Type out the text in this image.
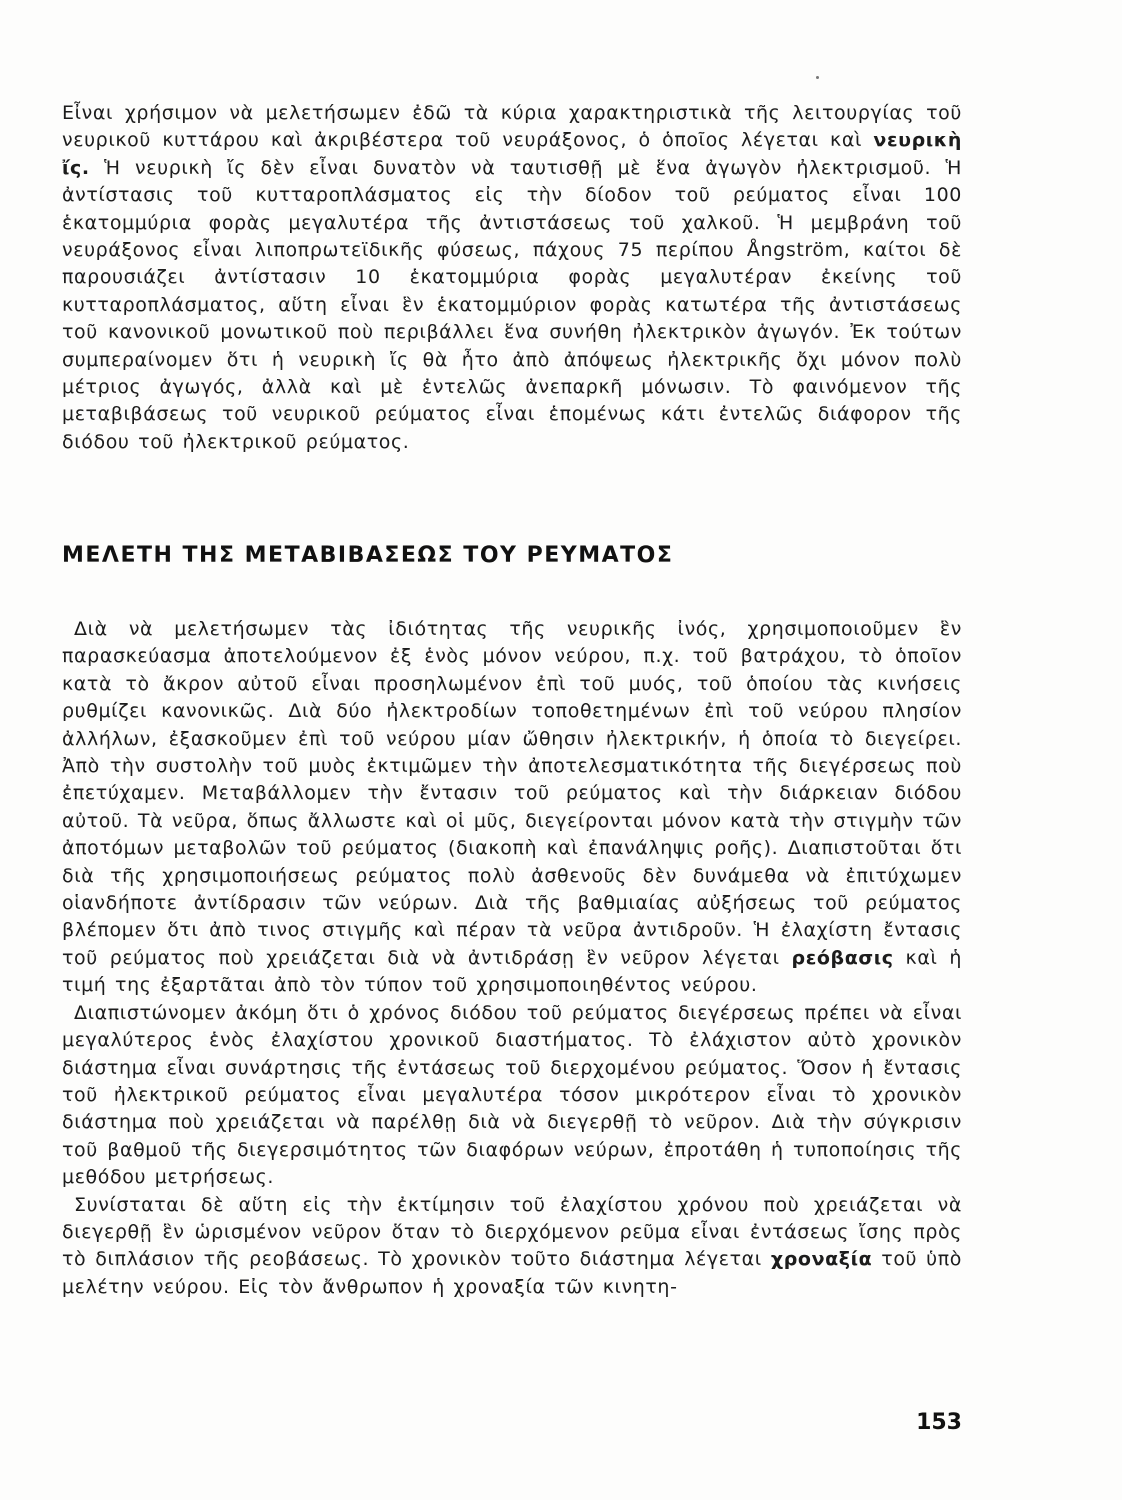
Εἶναι χρήσιμον νὰ μελετήσωμεν ἐδῶ τὰ κύρια χαρακτηριστικὰ τῆς λειτουργίας τοῦ νευρικοῦ κυττάρου καὶ ἀκριβέστερα τοῦ νευράξονος, ὁ ὁποῖος λέγεται καὶ νευρικὴ ἴς. Ἡ νευρικὴ ἴς δὲν εἶναι δυνατὸν νὰ ταυτισθῇ μὲ ἕνα ἀγωγὸν ἠλεκτρισμοῦ. Ἡ ἀντίστασις τοῦ κυτταροπλάσματος εἰς τὴν δίοδον τοῦ ρεύματος εἶναι 100 ἑκατομμύρια φορὰς μεγαλυτέρα τῆς ἀντιστάσεως τοῦ χαλκοῦ. Ἡ μεμβράνη τοῦ νευράξονος εἶναι λιποπρωτεϊδικῆς φύσεως, πάχους 75 περίπου Ångström, καίτοι δὲ παρουσιάζει ἀντίστασιν 10 ἑκατομμύρια φορὰς μεγαλυτέραν ἐκείνης τοῦ κυτταροπλάσματος, αὕτη εἶναι ἓν ἑκατομμύριον φορὰς κατωτέρα τῆς ἀντιστάσεως τοῦ κανονικοῦ μονωτικοῦ ποὺ περιβάλλει ἕνα συνήθη ἠλεκτρικὸν ἀγωγόν. Ἐκ τούτων συμπεραίνομεν ὅτι ἡ νευρικὴ ἴς θὰ ἦτο ἀπὸ ἀπόψεως ἠλεκτρικῆς ὄχι μόνον πολὺ μέτριος ἀγωγός, ἀλλὰ καὶ μὲ ἐντελῶς ἀνεπαρκῆ μόνωσιν. Τὸ φαινόμενον τῆς μεταβιβάσεως τοῦ νευρικοῦ ρεύματος εἶναι ἑπομένως κάτι ἐντελῶς διάφορον τῆς διόδου τοῦ ἠλεκτρικοῦ ρεύματος.

ΜΕΛΕΤΗ ΤΗΣ ΜΕΤΑΒΙΒΑΣΕΩΣ ΤΟΥ ΡΕΥΜΑΤΟΣ

Διὰ νὰ μελετήσωμεν τὰς ἰδιότητας τῆς νευρικῆς ἰνός, χρησιμοποιοῦμεν ἓν παρασκεύασμα ἀποτελούμενον ἐξ ἑνὸς μόνον νεύρου, π.χ. τοῦ βατράχου, τὸ ὁποῖον κατὰ τὸ ἄκρον αὐτοῦ εἶναι προσηλωμένον ἐπὶ τοῦ μυός, τοῦ ὁποίου τὰς κινήσεις ρυθμίζει κανονικῶς. Διὰ δύο ἠλεκτροδίων τοποθετημένων ἐπὶ τοῦ νεύρου πλησίον ἀλλήλων, ἐξασκοῦμεν ἐπὶ τοῦ νεύρου μίαν ὤθησιν ἠλεκτρικήν, ἡ ὁποία τὸ διεγείρει. Ἀπὸ τὴν συστολὴν τοῦ μυὸς ἐκτιμῶμεν τὴν ἀποτελεσματικότητα τῆς διεγέρσεως ποὺ ἐπετύχαμεν. Μεταβάλλομεν τὴν ἔντασιν τοῦ ρεύματος καὶ τὴν διάρκειαν διόδου αὐτοῦ. Τὰ νεῦρα, ὅπως ἄλλωστε καὶ οἱ μῦς, διεγείρονται μόνον κατὰ τὴν στιγμὴν τῶν ἀποτόμων μεταβολῶν τοῦ ρεύματος (διακοπὴ καὶ ἐπανάληψις ροῆς). Διαπιστοῦται ὅτι διὰ τῆς χρησιμοποιήσεως ρεύματος πολὺ ἀσθενοῦς δὲν δυνάμεθα νὰ ἐπιτύχωμεν οἱανδήποτε ἀντίδρασιν τῶν νεύρων. Διὰ τῆς βαθμιαίας αὐξήσεως τοῦ ρεύματος βλέπομεν ὅτι ἀπὸ τινος στιγμῆς καὶ πέραν τὰ νεῦρα ἀντιδροῦν. Ἡ ἐλαχίστη ἔντασις τοῦ ρεύματος ποὺ χρειάζεται διὰ νὰ ἀντιδράσῃ ἓν νεῦρον λέγεται ρεόβασις καὶ ἡ τιμή της ἐξαρτᾶται ἀπὸ τὸν τύπον τοῦ χρησιμοποιηθέντος νεύρου.

Διαπιστώνομεν ἀκόμη ὅτι ὁ χρόνος διόδου τοῦ ρεύματος διεγέρσεως πρέπει νὰ εἶναι μεγαλύτερος ἑνὸς ἐλαχίστου χρονικοῦ διαστήματος. Τὸ ἐλάχιστον αὐτὸ χρονικὸν διάστημα εἶναι συνάρτησις τῆς ἐντάσεως τοῦ διερχομένου ρεύματος. Ὅσον ἡ ἔντασις τοῦ ἠλεκτρικοῦ ρεύματος εἶναι μεγαλυτέρα τόσον μικρότερον εἶναι τὸ χρονικὸν διάστημα ποὺ χρειάζεται νὰ παρέλθῃ διὰ νὰ διεγερθῇ τὸ νεῦρον. Διὰ τὴν σύγκρισιν τοῦ βαθμοῦ τῆς διεγερσιμότητος τῶν διαφόρων νεύρων, ἐπροτάθη ἡ τυποποίησις τῆς μεθόδου μετρήσεως.

Συνίσταται δὲ αὕτη εἰς τὴν ἐκτίμησιν τοῦ ἐλαχίστου χρόνου ποὺ χρειάζεται νὰ διεγερθῇ ἓν ὡρισμένον νεῦρον ὅταν τὸ διερχόμενον ρεῦμα εἶναι ἐντάσεως ἴσης πρὸς τὸ διπλάσιον τῆς ρεοβάσεως. Τὸ χρονικὸν τοῦτο διάστημα λέγεται χροναξία τοῦ ὑπὸ μελέτην νεύρου. Εἰς τὸν ἄνθρωπον ἡ χροναξία τῶν κινητη-

153
